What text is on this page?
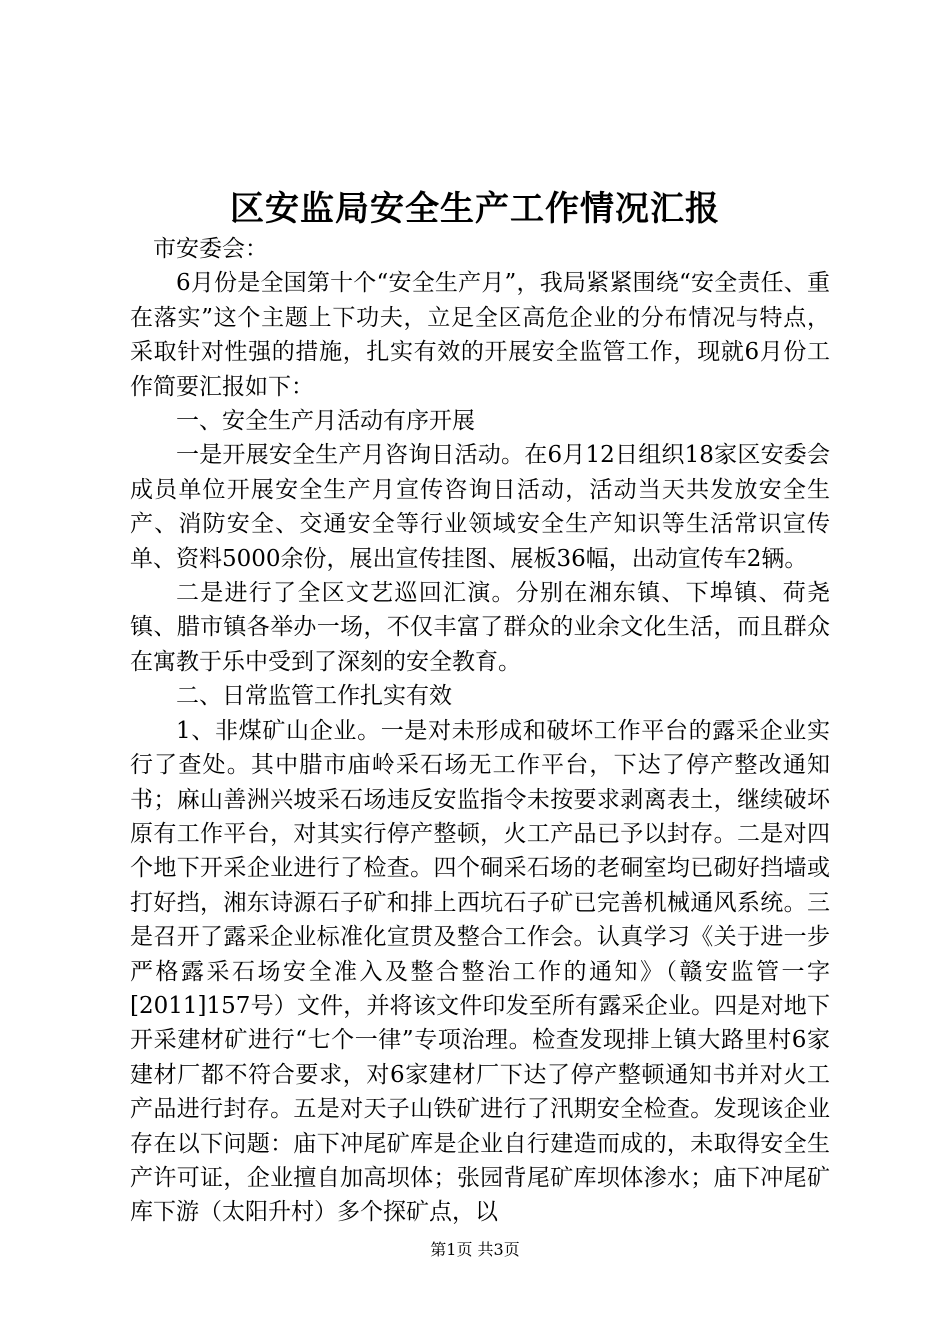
区安监局安全生产工作情况汇报

市安委会：

6月份是全国第十个“安全生产月”，我局紧紧围绕“安全责任、重在落实”这个主题上下功夫，立足全区高危企业的分布情况与特点，采取针对性强的措施，扎实有效的开展安全监管工作，现就6月份工作简要汇报如下：

一、安全生产月活动有序开展

一是开展安全生产月咨询日活动。在6月12日组织18家区安委会成员单位开展安全生产月宣传咨询日活动，活动当天共发放安全生产、消防安全、交通安全等行业领域安全生产知识等生活常识宣传单、资料5000余份，展出宣传挂图、展板36幅，出动宣传车2辆。

二是进行了全区文艺巡回汇演。分别在湘东镇、下埠镇、荷尧镇、腊市镇各举办一场，不仅丰富了群众的业余文化生活，而且群众在寓教于乐中受到了深刻的安全教育。

二、日常监管工作扎实有效

1、非煤矿山企业。一是对未形成和破坏工作平台的露采企业实行了查处。其中腊市庙岭采石场无工作平台，下达了停产整改通知书；麻山善洲兴坡采石场违反安监指令未按要求剥离表土，继续破坏原有工作平台，对其实行停产整顿，火工产品已予以封存。二是对四个地下开采企业进行了检查。四个硐采石场的老硐室均已砌好挡墙或打好挡，湘东诗源石子矿和排上西坑石子矿已完善机械通风系统。三是召开了露采企业标准化宣贯及整合工作会。认真学习《关于进一步严格露采石场安全准入及整合整治工作的通知》（赣安监管一字[2011]157号）文件，并将该文件印发至所有露采企业。四是对地下开采建材矿进行“七个一律”专项治理。检查发现排上镇大路里村6家建材厂都不符合要求，对6家建材厂下达了停产整顿通知书并对火工产品进行封存。五是对天子山铁矿进行了汛期安全检查。发现该企业存在以下问题：庙下冲尾矿库是企业自行建造而成的，未取得安全生产许可证，企业擅自加高坝体；张园背尾矿库坝体渗水；庙下冲尾矿库下游（太阳升村）多个探矿点，以

第1页 共3页
